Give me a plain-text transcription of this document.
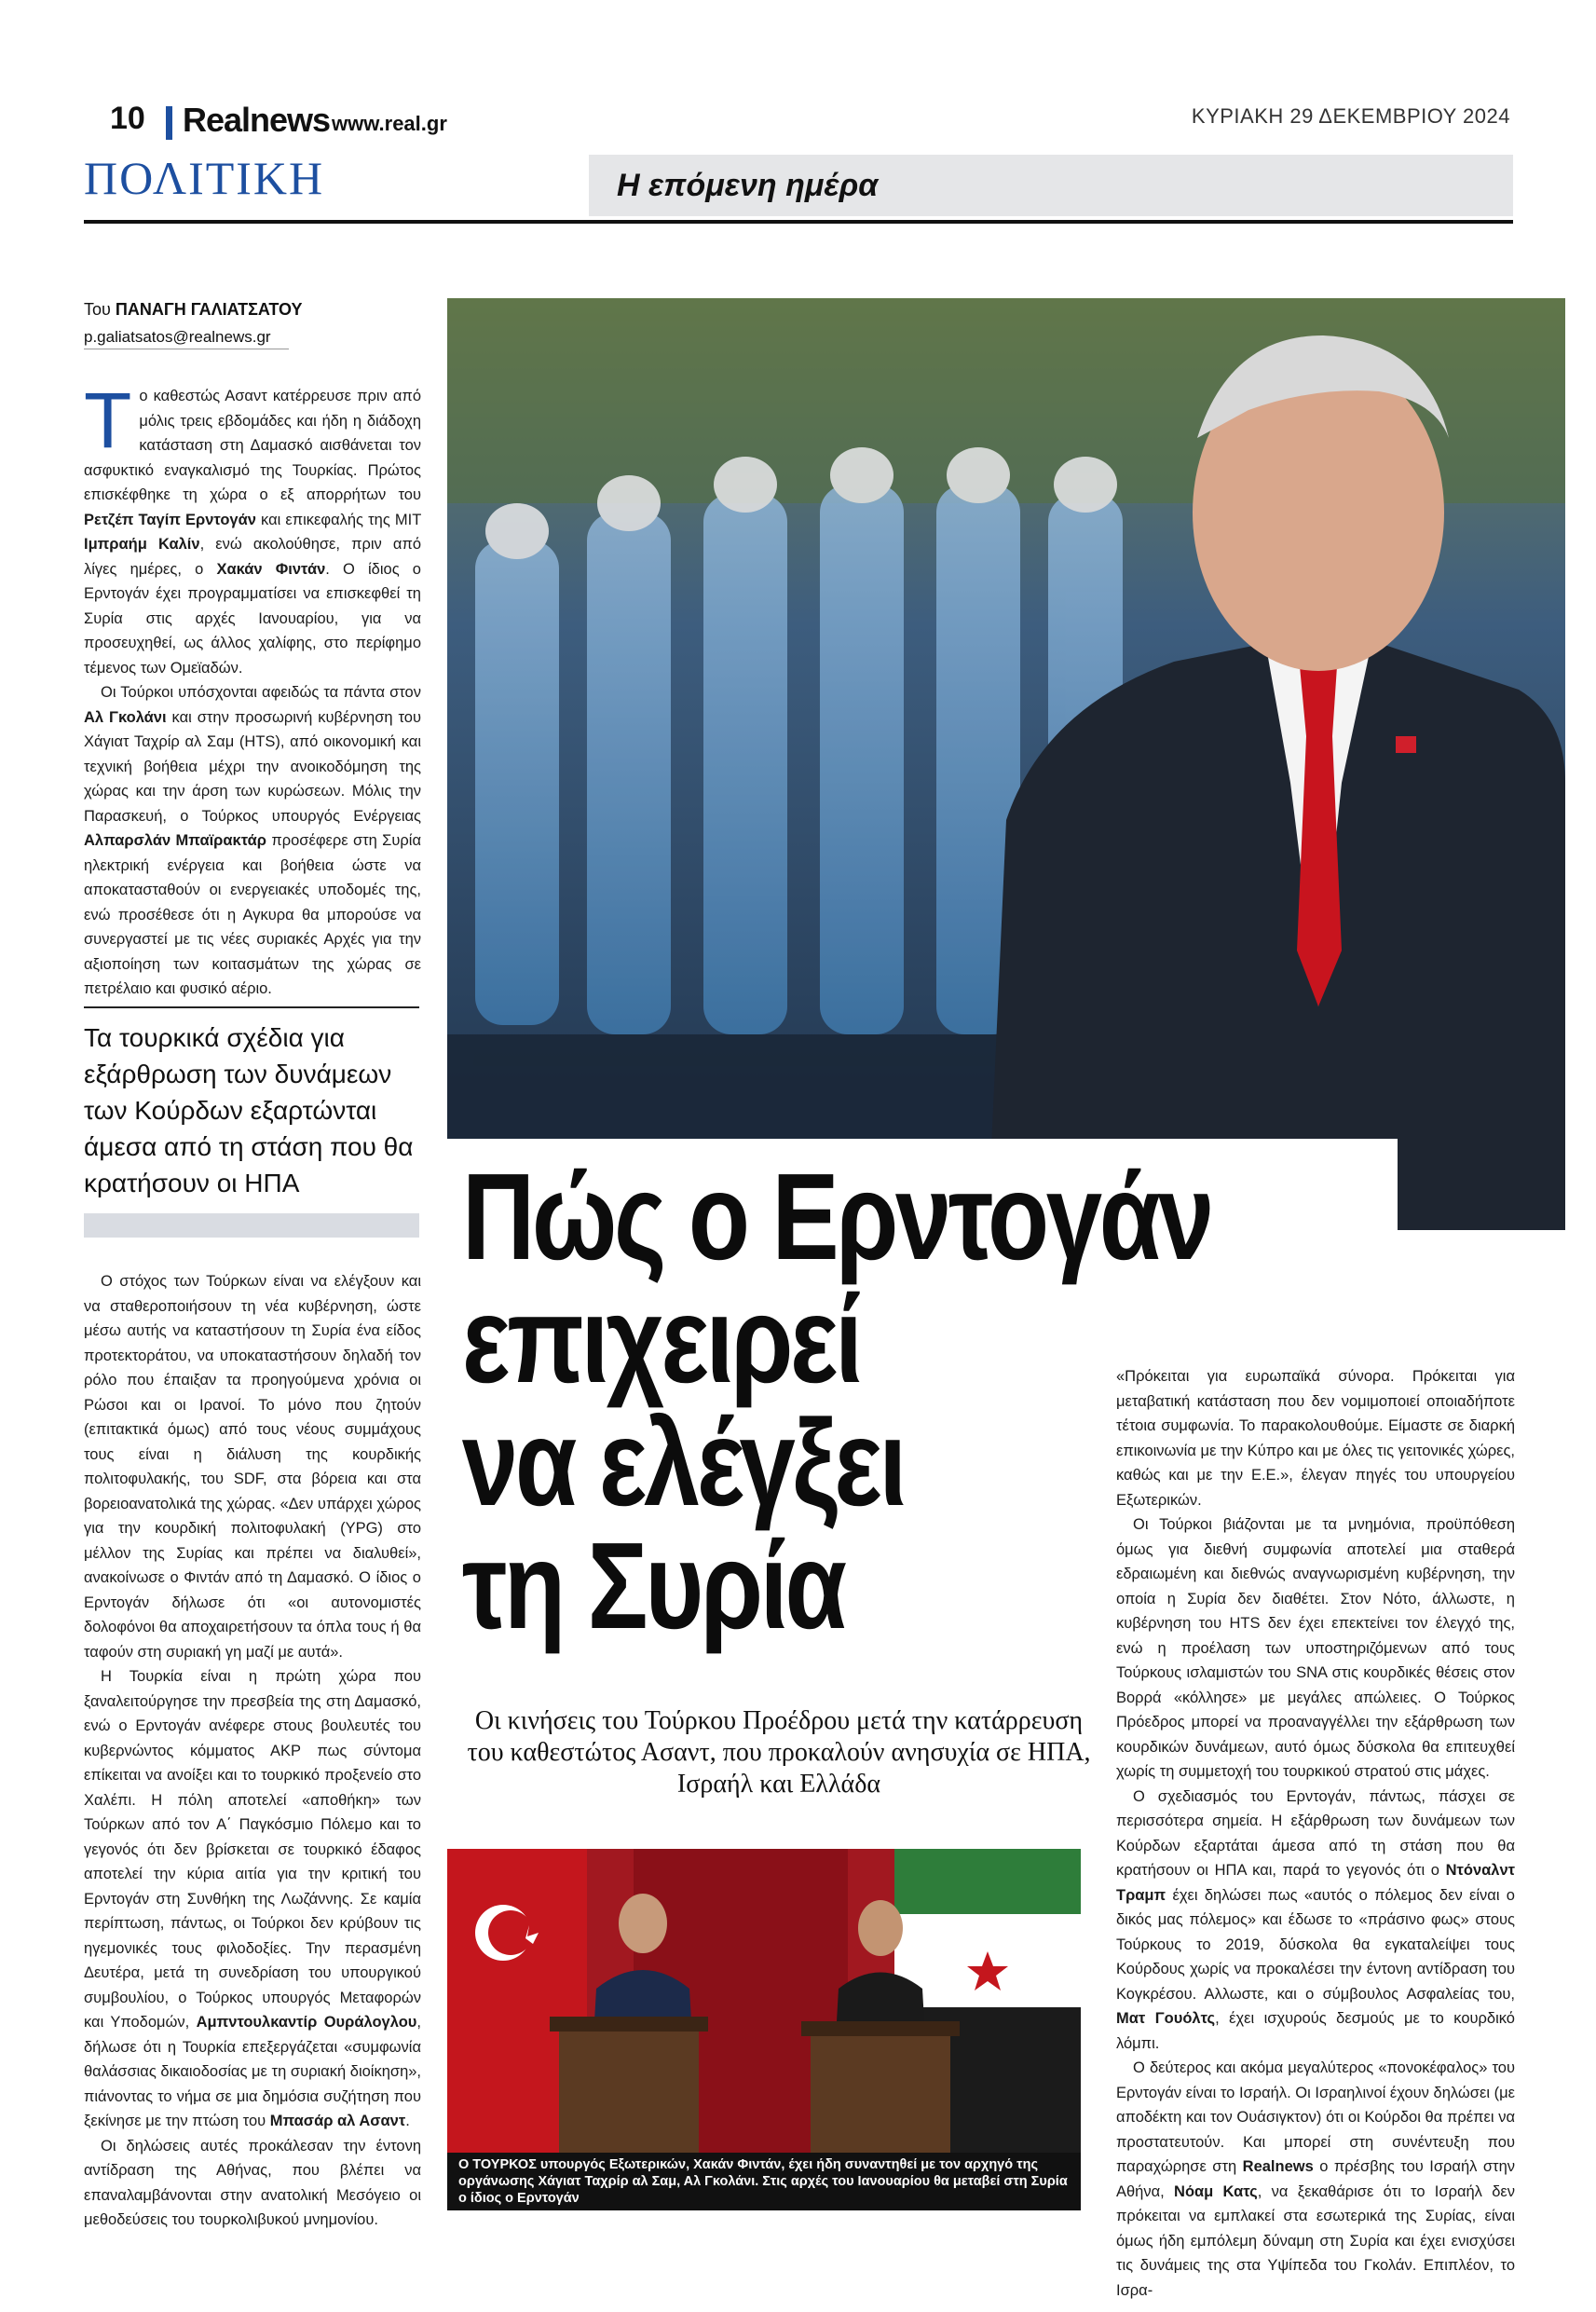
10 Realnews www.real.gr	ΚΥΡΙΑΚΗ 29 ΔΕΚΕΜΒΡΙΟΥ 2024
ΠΟΛΙΤΙΚΗ	Η επόμενη ημέρα
Του ΠΑΝΑΓΗ ΓΑΛΙΑΤΣΑΤΟΥ
p.galiatsatos@realnews.gr

Το καθεστώς Ασαντ κατέρρευσε πριν από μόλις τρεις εβδομάδες και ήδη η διάδοχη κατάσταση στη Δαμασκό αισθάνεται τον ασφυκτικό εναγκαλισμό της Τουρκίας. Πρώτος επισκέφθηκε τη χώρα ο εξ απορρήτων του Ρετζέπ Ταγίπ Ερντογάν και επικεφαλής της ΜΙΤ Ιμπραήμ Καλίν, ενώ ακολούθησε, πριν από λίγες ημέρες, ο Χακάν Φιντάν. Ο ίδιος ο Ερντογάν έχει προγραμματίσει να επισκεφθεί τη Συρία στις αρχές Ιανουαρίου, για να προσευχηθεί, ως άλλος χαλίφης, στο περίφημο τέμενος των Ομεϊαδών.

Οι Τούρκοι υπόσχονται αφειδώς τα πάντα στον Αλ Γκολάνι και στην προσωρινή κυβέρνηση του Χάγιατ Ταχρίρ αλ Σαμ (HTS), από οικονομική και τεχνική βοήθεια μέχρι την ανοικοδόμηση της χώρας και την άρση των κυρώσεων. Μόλις την Παρασκευή, ο Τούρκος υπουργός Ενέργειας Αλπαρσλάν Μπαϊρακτάρ προσέφερε στη Συρία ηλεκτρική ενέργεια και βοήθεια ώστε να αποκατασταθούν οι ενεργειακές υποδομές της, ενώ προσέθεσε ότι η Αγκυρα θα μπορούσε να συνεργαστεί με τις νέες συριακές Αρχές για την αξιοποίηση των κοιτασμάτων της χώρας σε πετρέλαιο και φυσικό αέριο.

Τα τουρκικά σχέδια για εξάρθρωση των δυνάμεων των Κούρδων εξαρτώνται άμεσα από τη στάση που θα κρατήσουν οι ΗΠΑ

Ο στόχος των Τούρκων είναι να ελέγξουν και να σταθεροποιήσουν τη νέα κυβέρνηση, ώστε μέσω αυτής να καταστήσουν τη Συρία ένα είδος προτεκτοράτου, να υποκαταστήσουν δηλαδή τον ρόλο που έπαιξαν τα προηγούμενα χρόνια οι Ρώσοι και οι Ιρανοί. Το μόνο που ζητούν (επιτακτικά όμως) από τους νέους συμμάχους τους είναι η διάλυση της κουρδικής πολιτοφυλακής, του SDF, στα βόρεια και στα βορειοανατολικά της χώρας. «Δεν υπάρχει χώρος για την κουρδική πολιτοφυλακή (YPG) στο μέλλον της Συρίας και πρέπει να διαλυθεί», ανακοίνωσε ο Φιντάν από τη Δαμασκό. Ο ίδιος ο Ερντογάν δήλωσε ότι «οι αυτονομιστές δολοφόνοι θα αποχαιρετήσουν τα όπλα τους ή θα ταφούν στη συριακή γη μαζί με αυτά».

Η Τουρκία είναι η πρώτη χώρα που ξαναλειτούργησε την πρεσβεία της στη Δαμασκό, ενώ ο Ερντογάν ανέφερε στους βουλευτές του κυβερνώντος κόμματος ΑΚΡ πως σύντομα επίκειται να ανοίξει και το τουρκικό προξενείο στο Χαλέπι. Η πόλη αποτελεί «αποθήκη» των Τούρκων από τον Α΄ Παγκόσμιο Πόλεμο και το γεγονός ότι δεν βρίσκεται σε τουρκικό έδαφος αποτελεί την κύρια αιτία για την κριτική του Ερντογάν στη Συνθήκη της Λωζάννης. Σε καμία περίπτωση, πάντως, οι Τούρκοι δεν κρύβουν τις ηγεμονικές τους φιλοδοξίες. Την περασμένη Δευτέρα, μετά τη συνεδρίαση του υπουργικού συμβουλίου, ο Τούρκος υπουργός Μεταφορών και Υποδομών, Αμπντουλκαντίρ Ουράλογλου, δήλωσε ότι η Τουρκία επεξεργάζεται «συμφωνία θαλάσσιας δικαιοδοσίας με τη συριακή διοίκηση», πιάνοντας το νήμα σε μια δημόσια συζήτηση που ξεκίνησε με την πτώση του Μπασάρ αλ Ασαντ.

Οι δηλώσεις αυτές προκάλεσαν την έντονη αντίδραση της Αθήνας, που βλέπει να επαναλαμβάνονται στην ανατολική Μεσόγειο οι μεθοδεύσεις του τουρκολιβυκού μνημονίου.

Πώς ο Ερντογάν
επιχειρεί
να ελέγξει
τη Συρία
Οι κινήσεις του Τούρκου Προέδρου μετά την κατάρρευση του καθεστώτος Ασαντ, που προκαλούν ανησυχία σε ΗΠΑ, Ισραήλ και Ελλάδα
Ο ΤΟΥΡΚΟΣ υπουργός Εξωτερικών, Χακάν Φιντάν, έχει ήδη συναντηθεί με τον αρχηγό της οργάνωσης Χάγιατ Ταχρίρ αλ Σαμ, Αλ Γκολάνι. Στις αρχές του Ιανουαρίου θα μεταβεί στη Συρία ο ίδιος ο Ερντογάν

«Πρόκειται για ευρωπαϊκά σύνορα. Πρόκειται για μεταβατική κατάσταση που δεν νομιμοποιεί οποιαδήποτε τέτοια συμφωνία. Το παρακολουθούμε. Είμαστε σε διαρκή επικοινωνία με την Κύπρο και με όλες τις γειτονικές χώρες, καθώς και με την Ε.Ε.», έλεγαν πηγές του υπουργείου Εξωτερικών.

Οι Τούρκοι βιάζονται με τα μνημόνια, προϋπόθεση όμως για διεθνή συμφωνία αποτελεί μια σταθερά εδραιωμένη και διεθνώς αναγνωρισμένη κυβέρνηση, την οποία η Συρία δεν διαθέτει. Στον Νότο, άλλωστε, η κυβέρνηση του HTS δεν έχει επεκτείνει τον έλεγχό της, ενώ η προέλαση των υποστηριζόμενων από τους Τούρκους ισλαμιστών του SNA στις κουρδικές θέσεις στον Βορρά «κόλλησε» με μεγάλες απώλειες. Ο Τούρκος Πρόεδρος μπορεί να προαναγγέλλει την εξάρθρωση των κουρδικών δυνάμεων, αυτό όμως δύσκολα θα επιτευχθεί χωρίς τη συμμετοχή του τουρκικού στρατού στις μάχες.

Ο σχεδιασμός του Ερντογάν, πάντως, πάσχει σε περισσότερα σημεία. Η εξάρθρωση των δυνάμεων των Κούρδων εξαρτάται άμεσα από τη στάση που θα κρατήσουν οι ΗΠΑ και, παρά το γεγονός ότι ο Ντόναλντ Τραμπ έχει δηλώσει πως «αυτός ο πόλεμος δεν είναι ο δικός μας πόλεμος» και έδωσε το «πράσινο φως» στους Τούρκους το 2019, δύσκολα θα εγκαταλείψει τους Κούρδους χωρίς να προκαλέσει την έντονη αντίδραση του Κογκρέσου. Αλλωστε, και ο σύμβουλος Ασφαλείας του, Ματ Γουόλτς, έχει ισχυρούς δεσμούς με το κουρδικό λόμπι.

Ο δεύτερος και ακόμα μεγαλύτερος «πονοκέφαλος» του Ερντογάν είναι το Ισραήλ. Οι Ισραηλινοί έχουν δηλώσει (με αποδέκτη και τον Ουάσιγκτον) ότι οι Κούρδοι θα πρέπει να προστατευτούν. Και μπορεί στη συνέντευξη που παραχώρησε στη Realnews ο πρέσβης του Ισραήλ στην Αθήνα, Νόαμ Κατς, να ξεκαθάρισε ότι το Ισραήλ δεν πρόκειται να εμπλακεί στα εσωτερικά της Συρίας, είναι όμως ήδη εμπόλεμη δύναμη στη Συρία και έχει ενισχύσει τις δυνάμεις της στα Υψίπεδα του Γκολάν. Επιπλέον, το Ισρα-
